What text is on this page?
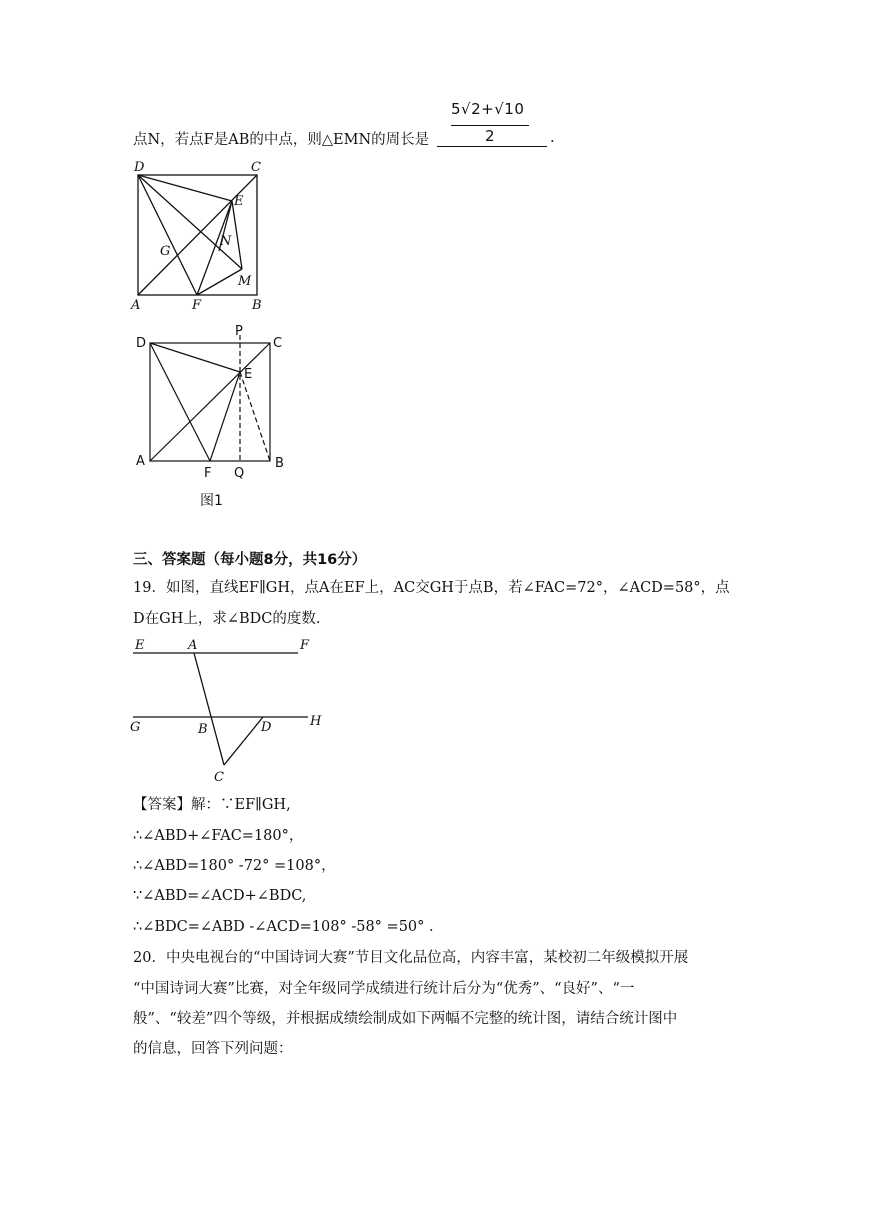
点N，若点F是AB的中点，则△EMN的周长是
5√2+√10
2	.
D	C
E
G
N
M
A	F	B
D
P
C
E
A
F Q
B
图1
三、答案题（每小题8分，共16分）
19．如图，直线EF∥GH，点A在EF上，AC交GH于点B，若∠FAC=72°，∠ACD=58°，点
D在GH上，求∠BDC的度数.
E	A	F
G	B	D	H
C
【答案】解：∵EF∥GH,
∴∠ABD+∠FAC=180°，
∴∠ABD=180° -72° =108°，
∵∠ABD=∠ACD+∠BDC,
∴∠BDC=∠ABD -∠ACD=108° -58° =50° .
20．中央电视台的“中国诗词大赛”节目文化品位高，内容丰富，某校初二年级模拟开展
“中国诗词大赛”比赛，对全年级同学成绩进行统计后分为“优秀”、“良好”、“一
般”、“较差”四个等级，并根据成绩绘制成如下两幅不完整的统计图，请结合统计图中
的信息，回答下列问题：
